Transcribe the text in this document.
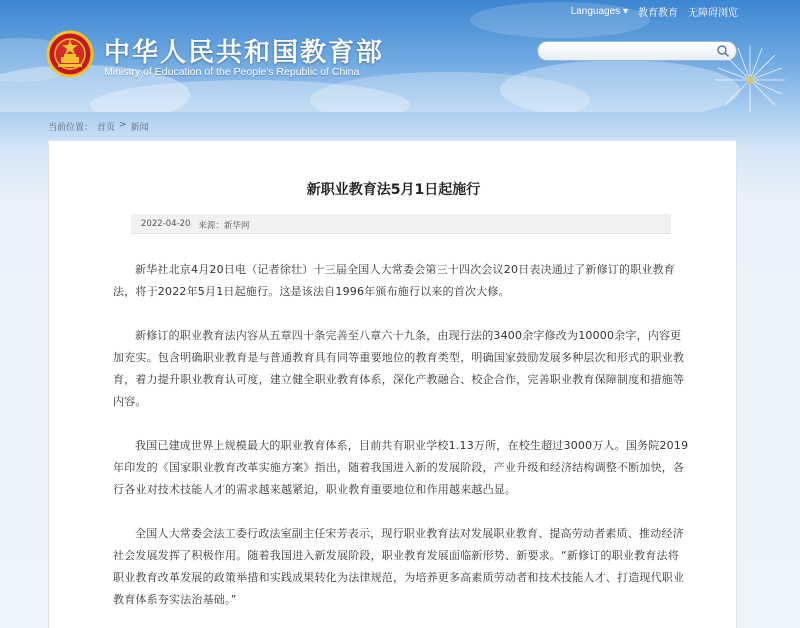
中华人民共和国教育部
Ministry of Education of the People's Republic of China
Languages ▾ 教育教育 无障碍浏览
当前位置： 首页 > 新闻
新职业教育法5月1日起施行
2022-04-20 来源：新华网

新华社北京4月20日电（记者徐壮）十三届全国人大常委会第三十四次会议20日表决通过了新修订的职业教育法，将于2022年5月1日起施行。这是该法自1996年颁布施行以来的首次大修。

新修订的职业教育法内容从五章四十条完善至八章六十九条，由现行法的3400余字修改为10000余字，内容更加充实。包含明确职业教育是与普通教育具有同等重要地位的教育类型，明确国家鼓励发展多种层次和形式的职业教育，着力提升职业教育认可度，建立健全职业教育体系，深化产教融合、校企合作，完善职业教育保障制度和措施等内容。

我国已建成世界上规模最大的职业教育体系，目前共有职业学校1.13万所，在校生超过3000万人。国务院2019年印发的《国家职业教育改革实施方案》指出，随着我国进入新的发展阶段，产业升级和经济结构调整不断加快，各行各业对技术技能人才的需求越来越紧迫，职业教育重要地位和作用越来越凸显。

全国人大常委会法工委行政法室副主任宋芳表示，现行职业教育法对发展职业教育、提高劳动者素质、推动经济社会发展发挥了积极作用。随着我国进入新发展阶段，职业教育发展面临新形势、新要求。“新修订的职业教育法将职业教育改革发展的政策举措和实践成果转化为法律规范，为培养更多高素质劳动者和技术技能人才、打造现代职业教育体系夯实法治基础。”
